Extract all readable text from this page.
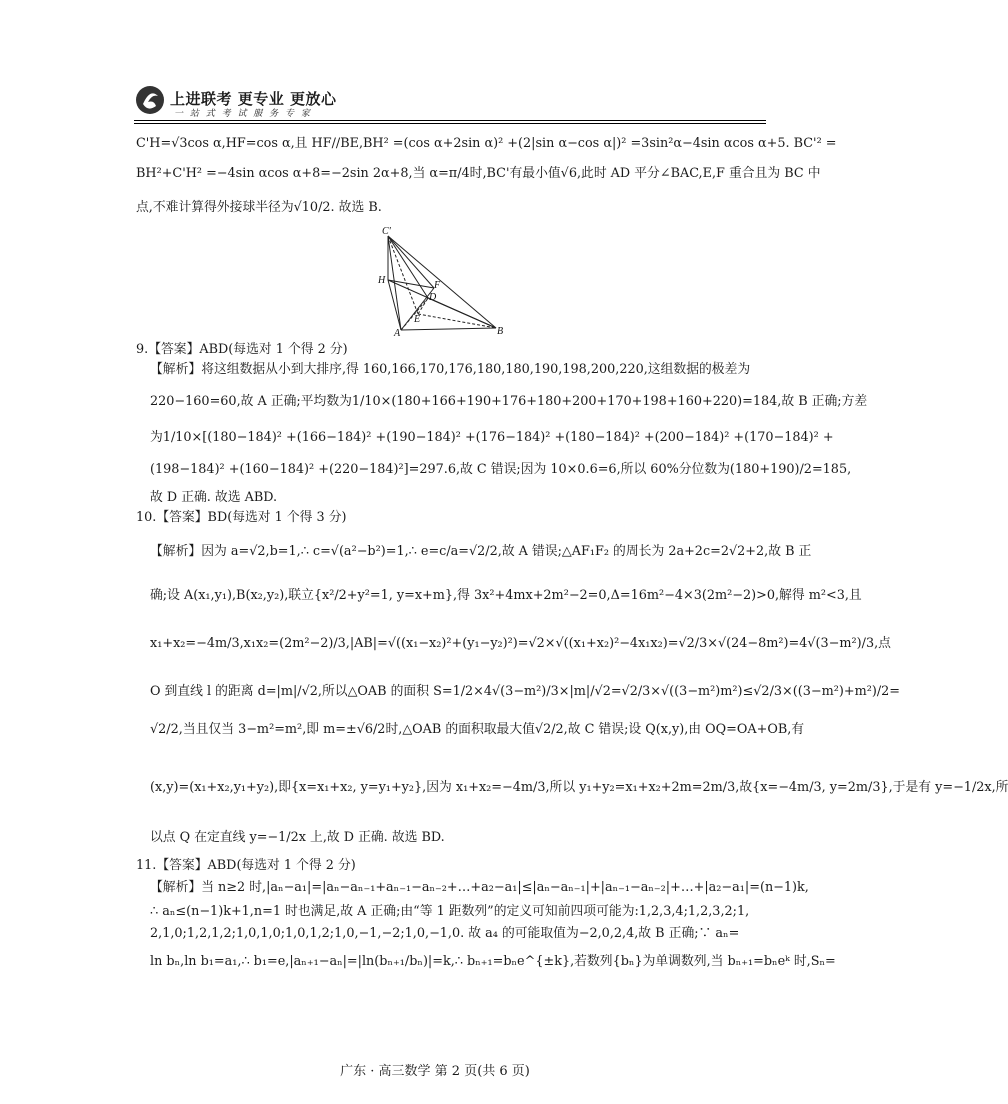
上进联考 更专业 更放心
一 站 式 考 试 服 务 专 家
C'H=√3cos α,HF=cos α,且 HF//BE,BH² =(cos α+2sin α)² +(2|sin α−cos α|)² =3sin²α−4sin αcos α+5. BC'² =
BH²+C'H² =−4sin αcos α+8=−2sin 2α+8,当 α=π/4时,BC'有最小值√6,此时 AD 平分∠BAC,E,F 重合且为 BC 中
点,不难计算得外接球半径为√10/2. 故选 B.
C'
H	F
D
E
A	B
9.【答案】ABD(每选对 1 个得 2 分)
【解析】将这组数据从小到大排序,得 160,166,170,176,180,180,190,198,200,220,这组数据的极差为
220−160=60,故 A 正确;平均数为1/10×(180+166+190+176+180+200+170+198+160+220)=184,故 B 正确;方差
为1/10×[(180−184)² +(166−184)² +(190−184)² +(176−184)² +(180−184)² +(200−184)² +(170−184)² +
(198−184)² +(160−184)² +(220−184)²]=297.6,故 C 错误;因为 10×0.6=6,所以 60%分位数为(180+190)/2=185,
故 D 正确. 故选 ABD.
10.【答案】BD(每选对 1 个得 3 分)
【解析】因为 a=√2,b=1,∴ c=√(a²−b²)=1,∴ e=c/a=√2/2,故 A 错误;△AF₁F₂ 的周长为 2a+2c=2√2+2,故 B 正
确;设 A(x₁,y₁),B(x₂,y₂),联立{x²/2+y²=1, y=x+m},得 3x²+4mx+2m²−2=0,Δ=16m²−4×3(2m²−2)>0,解得 m²<3,且
x₁+x₂=−4m/3,x₁x₂=(2m²−2)/3,|AB|=√((x₁−x₂)²+(y₁−y₂)²)=√2×√((x₁+x₂)²−4x₁x₂)=√2/3×√(24−8m²)=4√(3−m²)/3,点
O 到直线 l 的距离 d=|m|/√2,所以△OAB 的面积 S=1/2×4√(3−m²)/3×|m|/√2=√2/3×√((3−m²)m²)≤√2/3×((3−m²)+m²)/2=
√2/2,当且仅当 3−m²=m²,即 m=±√6/2时,△OAB 的面积取最大值√2/2,故 C 错误;设 Q(x,y),由 OQ=OA+OB,有
(x,y)=(x₁+x₂,y₁+y₂),即{x=x₁+x₂, y=y₁+y₂},因为 x₁+x₂=−4m/3,所以 y₁+y₂=x₁+x₂+2m=2m/3,故{x=−4m/3, y=2m/3},于是有 y=−1/2x,所
以点 Q 在定直线 y=−1/2x 上,故 D 正确. 故选 BD.
11.【答案】ABD(每选对 1 个得 2 分)
【解析】当 n≥2 时,|aₙ−a₁|=|aₙ−aₙ₋₁+aₙ₋₁−aₙ₋₂+…+a₂−a₁|≤|aₙ−aₙ₋₁|+|aₙ₋₁−aₙ₋₂|+…+|a₂−a₁|=(n−1)k,
∴ aₙ≤(n−1)k+1,n=1 时也满足,故 A 正确;由“等 1 距数列”的定义可知前四项可能为:1,2,3,4;1,2,3,2;1,
2,1,0;1,2,1,2;1,0,1,0;1,0,1,2;1,0,−1,−2;1,0,−1,0. 故 a₄ 的可能取值为−2,0,2,4,故 B 正确;∵ aₙ=
ln bₙ,ln b₁=a₁,∴ b₁=e,|aₙ₊₁−aₙ|=|ln(bₙ₊₁/bₙ)|=k,∴ bₙ₊₁=bₙe^{±k},若数列{bₙ}为单调数列,当 bₙ₊₁=bₙeᵏ 时,Sₙ=
广东 · 高三数学 第 2 页(共 6 页)
